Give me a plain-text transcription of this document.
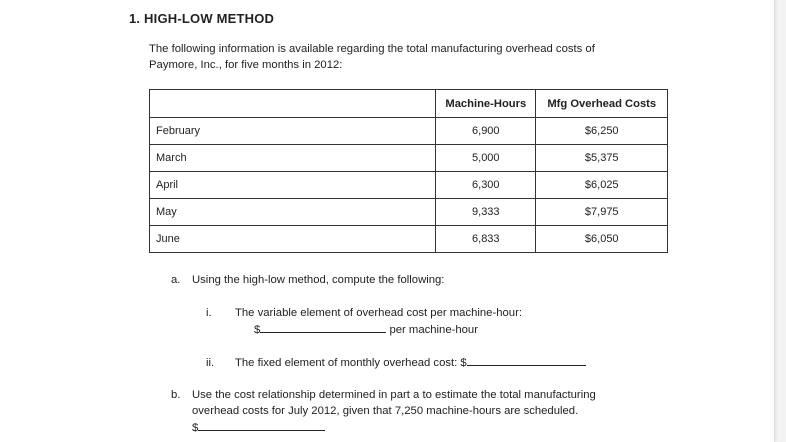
1. HIGH-LOW METHOD
The following information is available regarding the total manufacturing overhead costs of
Paymore, Inc., for five months in 2012:
	Machine-Hours	Mfg Overhead Costs
February	6,900	$6,250
March	5,000	$5,375
April	6,300	$6,025
May	9,333	$7,975
June	6,833	$6,050
a. Using the high-low method, compute the following:
i. The variable element of overhead cost per machine-hour:
$	per machine-hour
ii. The fixed element of monthly overhead cost: $
b. Use the cost relationship determined in part a to estimate the total manufacturing
overhead costs for July 2012, given that 7,250 machine-hours are scheduled.
$
